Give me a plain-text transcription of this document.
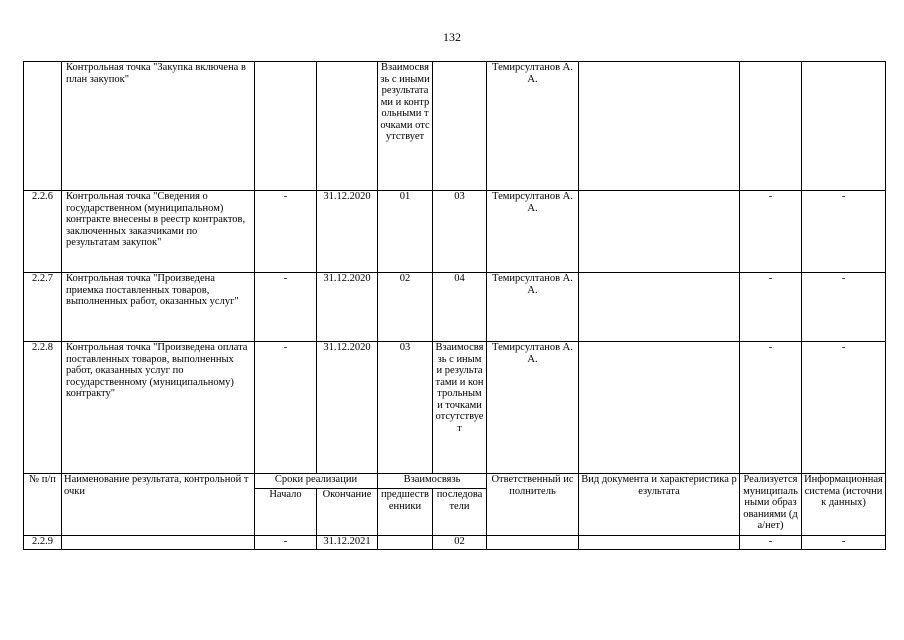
132
	Контрольная точка "Закупка включена в план закупок"			Взаимосвязь с иными результатами и контрольными точками отсутствует		Темирсултанов А.А.			
2.2.6	Контрольная точка "Сведения о государственном (муниципальном) контракте внесены в реестр контрактов, заключенных заказчиками по результатам закупок"	-	31.12.2020	01	03	Темирсултанов А.А.		-	-
2.2.7	Контрольная точка "Произведена приемка поставленных товаров, выполненных работ, оказанных услуг"	-	31.12.2020	02	04	Темирсултанов А.А.		-	-
2.2.8	Контрольная точка "Произведена оплата поставленных товаров, выполненных работ, оказанных услуг по государственному (муниципальному) контракту"	-	31.12.2020	03	Взаимосвязь с иными результатами и контрольными точками отсутствует	Темирсултанов А.А.		-	-
№ п/п	Наименование результата, контрольной точки	Сроки реализации		Взаимосвязь		Ответственный исполнитель	Вид документа и характеристика результата	Реализуется муниципальными образованиями (да/нет)	Информационная система (источник данных)
		Начало	Окончание	предшественники	последователи				
2.2.9		-	31.12.2021		02			-	-
